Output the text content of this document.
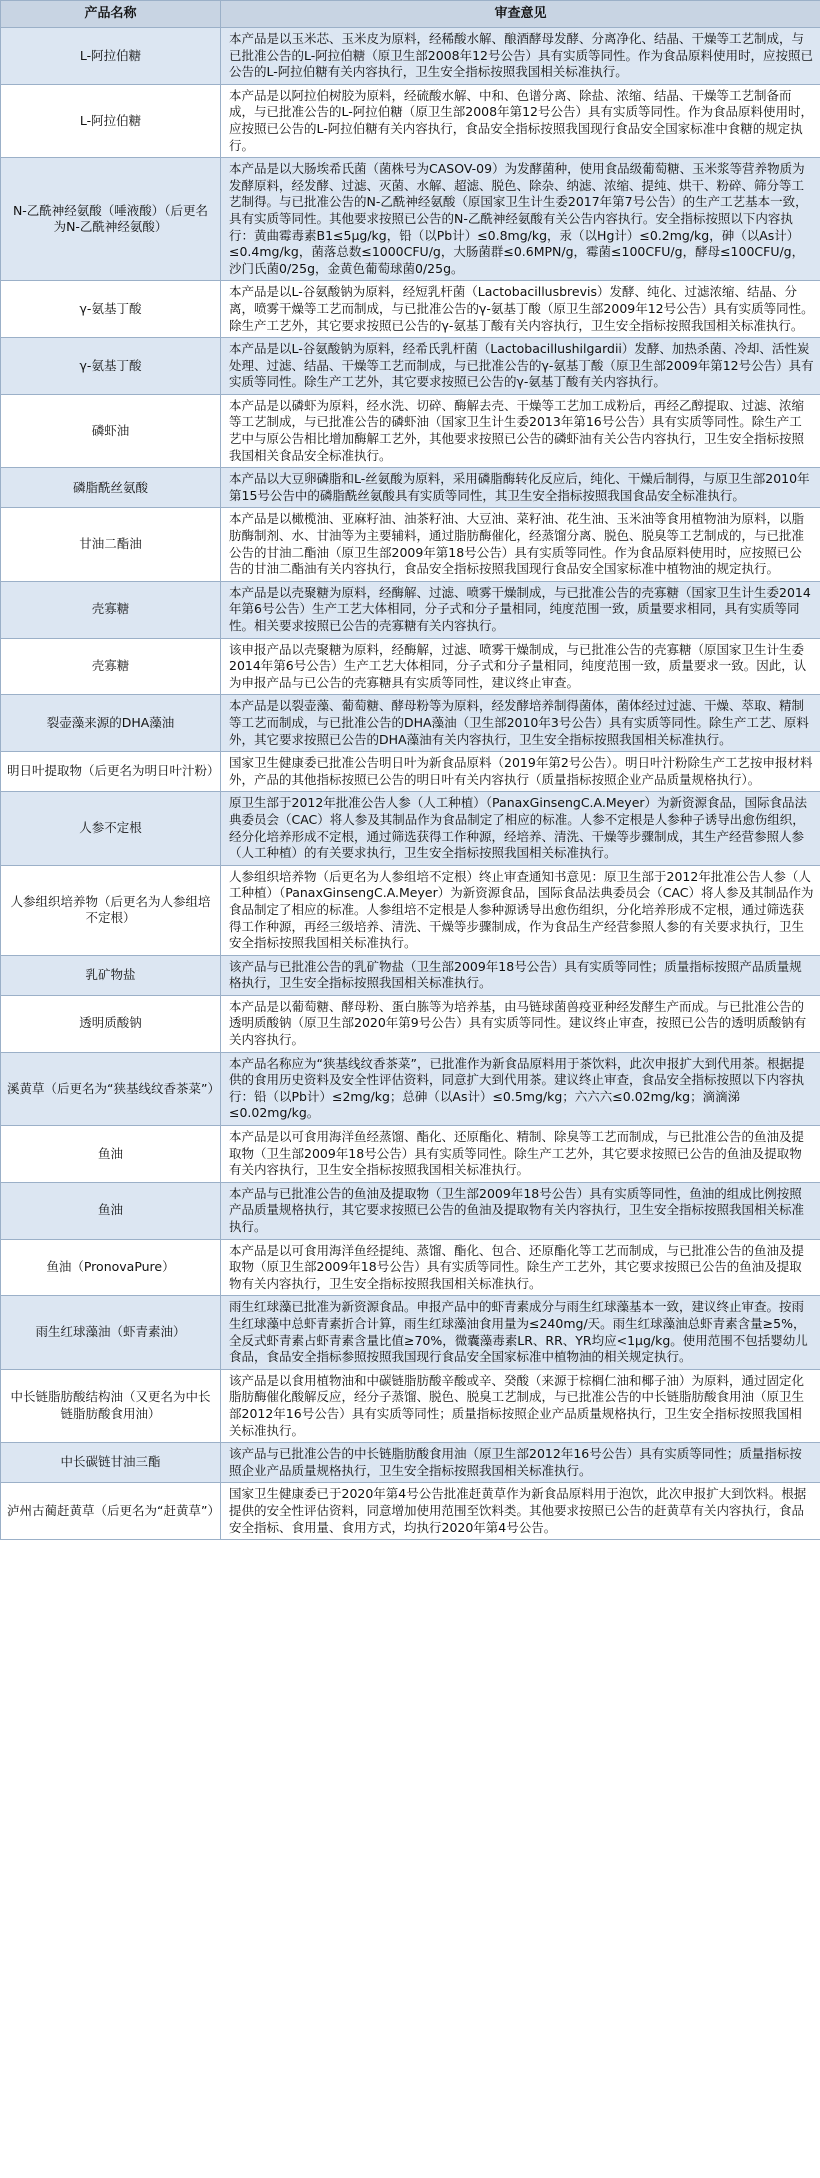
产品名称	审查意见
L-阿拉伯糖	本产品是以玉米芯、玉米皮为原料，经稀酸水解、酿酒酵母发酵、分离净化、结晶、干燥等工艺制成，与已批准公告的L-阿拉伯糖（原卫生部2008年12号公告）具有实质等同性。作为食品原料使用时，应按照已公告的L-阿拉伯糖有关内容执行，卫生安全指标按照我国相关标准执行。
L-阿拉伯糖	本产品是以阿拉伯树胶为原料，经硫酸水解、中和、色谱分离、除盐、浓缩、结晶、干燥等工艺制备而成，与已批准公告的L-阿拉伯糖（原卫生部2008年第12号公告）具有实质等同性。作为食品原料使用时，应按照已公告的L-阿拉伯糖有关内容执行，食品安全指标按照我国现行食品安全国家标准中食糖的规定执行。
N-乙酰神经氨酸（唾液酸）（后更名为N-乙酰神经氨酸）	本产品是以大肠埃希氏菌（菌株号为CASOV-09）为发酵菌种，使用食品级葡萄糖、玉米浆等营养物质为发酵原料，经发酵、过滤、灭菌、水解、超滤、脱色、除杂、纳滤、浓缩、提纯、烘干、粉碎、筛分等工艺制得。与已批准公告的N-乙酰神经氨酸（原国家卫生计生委2017年第7号公告）的生产工艺基本一致，具有实质等同性。其他要求按照已公告的N-乙酰神经氨酸有关公告内容执行。安全指标按照以下内容执行：黄曲霉毒素B1≤5μg/kg，铅（以Pb计）≤0.8mg/kg，汞（以Hg计）≤0.2mg/kg，砷（以As计）≤0.4mg/kg，菌落总数≤1000CFU/g，大肠菌群≤0.6MPN/g，霉菌≤100CFU/g，酵母≤100CFU/g，沙门氏菌0/25g，金黄色葡萄球菌0/25g。
γ-氨基丁酸	本产品是以L-谷氨酸钠为原料，经短乳杆菌（Lactobacillusbrevis）发酵、纯化、过滤浓缩、结晶、分离，喷雾干燥等工艺而制成，与已批准公告的γ-氨基丁酸（原卫生部2009年12号公告）具有实质等同性。除生产工艺外，其它要求按照已公告的γ-氨基丁酸有关内容执行，卫生安全指标按照我国相关标准执行。
γ-氨基丁酸	本产品是以L-谷氨酸钠为原料，经希氏乳杆菌（Lactobacillushilgardii）发酵、加热杀菌、冷却、活性炭处理、过滤、结晶、干燥等工艺而制成，与已批准公告的γ-氨基丁酸（原卫生部2009年第12号公告）具有实质等同性。除生产工艺外，其它要求按照已公告的γ-氨基丁酸有关内容执行。
磷虾油	本产品是以磷虾为原料，经水洗、切碎、酶解去壳、干燥等工艺加工成粉后，再经乙醇提取、过滤、浓缩等工艺制成，与已批准公告的磷虾油（国家卫生计生委2013年第16号公告）具有实质等同性。除生产工艺中与原公告相比增加酶解工艺外，其他要求按照已公告的磷虾油有关公告内容执行，卫生安全指标按照我国相关食品安全标准执行。
磷脂酰丝氨酸	本产品以大豆卵磷脂和L-丝氨酸为原料，采用磷脂酶转化反应后，纯化、干燥后制得，与原卫生部2010年第15号公告中的磷脂酰丝氨酸具有实质等同性，其卫生安全指标按照我国食品安全标准执行。
甘油二酯油	本产品是以橄榄油、亚麻籽油、油茶籽油、大豆油、菜籽油、花生油、玉米油等食用植物油为原料，以脂肪酶制剂、水、甘油等为主要辅料，通过脂肪酶催化，经蒸馏分离、脱色、脱臭等工艺制成的，与已批准公告的甘油二酯油（原卫生部2009年第18号公告）具有实质等同性。作为食品原料使用时，应按照已公告的甘油二酯油有关内容执行，食品安全指标按照我国现行食品安全国家标准中植物油的规定执行。
壳寡糖	本产品是以壳聚糖为原料，经酶解、过滤、喷雾干燥制成，与已批准公告的壳寡糖（国家卫生计生委2014年第6号公告）生产工艺大体相同，分子式和分子量相同，纯度范围一致，质量要求相同，具有实质等同性。相关要求按照已公告的壳寡糖有关内容执行。
壳寡糖	该申报产品以壳聚糖为原料，经酶解，过滤、喷雾干燥制成，与已批准公告的壳寡糖（原国家卫生计生委2014年第6号公告）生产工艺大体相同，分子式和分子量相同，纯度范围一致，质量要求一致。因此，认为申报产品与已公告的壳寡糖具有实质等同性，建议终止审查。
裂壶藻来源的DHA藻油	本产品是以裂壶藻、葡萄糖、酵母粉等为原料，经发酵培养制得菌体，菌体经过过滤、干燥、萃取、精制等工艺而制成，与已批准公告的DHA藻油（卫生部2010年3号公告）具有实质等同性。除生产工艺、原料外，其它要求按照已公告的DHA藻油有关内容执行，卫生安全指标按照我国相关标准执行。
明日叶提取物（后更名为明日叶汁粉）	国家卫生健康委已批准公告明日叶为新食品原料（2019年第2号公告）。明日叶汁粉除生产工艺按申报材料外，产品的其他指标按照已公告的明日叶有关内容执行（质量指标按照企业产品质量规格执行）。
人参不定根	原卫生部于2012年批准公告人参（人工种植）（PanaxGinsengC.A.Meyer）为新资源食品，国际食品法典委员会（CAC）将人参及其制品作为食品制定了相应的标准。人参不定根是人参种子诱导出愈伤组织，经分化培养形成不定根，通过筛选获得工作种源，经培养、清洗、干燥等步骤制成，其生产经营参照人参（人工种植）的有关要求执行，卫生安全指标按照我国相关标准执行。
人参组织培养物（后更名为人参组培不定根）	人参组织培养物（后更名为人参组培不定根）终止审查通知书意见：原卫生部于2012年批准公告人参（人工种植）（PanaxGinsengC.A.Meyer）为新资源食品，国际食品法典委员会（CAC）将人参及其制品作为食品制定了相应的标准。人参组培不定根是人参种源诱导出愈伤组织，分化培养形成不定根，通过筛选获得工作种源，再经三级培养、清洗、干燥等步骤制成，作为食品生产经营参照人参的有关要求执行，卫生安全指标按照我国相关标准执行。
乳矿物盐	该产品与已批准公告的乳矿物盐（卫生部2009年18号公告）具有实质等同性；质量指标按照产品质量规格执行，卫生安全指标按照我国相关标准执行。
透明质酸钠	本产品是以葡萄糖、酵母粉、蛋白胨等为培养基，由马链球菌兽疫亚种经发酵生产而成。与已批准公告的透明质酸钠（原卫生部2020年第9号公告）具有实质等同性。建议终止审查，按照已公告的透明质酸钠有关内容执行。
溪黄草（后更名为“狭基线纹香茶菜”）	本产品名称应为“狭基线纹香茶菜”，已批准作为新食品原料用于茶饮料，此次申报扩大到代用茶。根据提供的食用历史资料及安全性评估资料，同意扩大到代用茶。建议终止审查，食品安全指标按照以下内容执行：铅（以Pb计）≤2mg/kg；总砷（以As计）≤0.5mg/kg；六六六≤0.02mg/kg；滴滴涕≤0.02mg/kg。
鱼油	本产品是以可食用海洋鱼经蒸馏、酯化、还原酯化、精制、除臭等工艺而制成，与已批准公告的鱼油及提取物（卫生部2009年18号公告）具有实质等同性。除生产工艺外，其它要求按照已公告的鱼油及提取物有关内容执行，卫生安全指标按照我国相关标准执行。
鱼油	本产品与已批准公告的鱼油及提取物（卫生部2009年18号公告）具有实质等同性，鱼油的组成比例按照产品质量规格执行，其它要求按照已公告的鱼油及提取物有关内容执行，卫生安全指标按照我国相关标准执行。
鱼油（PronovaPure）	本产品是以可食用海洋鱼经提纯、蒸馏、酯化、包合、还原酯化等工艺而制成，与已批准公告的鱼油及提取物（原卫生部2009年18号公告）具有实质等同性。除生产工艺外，其它要求按照已公告的鱼油及提取物有关内容执行，卫生安全指标按照我国相关标准执行。
雨生红球藻油（虾青素油）	雨生红球藻已批准为新资源食品。申报产品中的虾青素成分与雨生红球藻基本一致，建议终止审查。按雨生红球藻中总虾青素折合计算，雨生红球藻油食用量为≤240mg/天。雨生红球藻油总虾青素含量≥5%，全反式虾青素占虾青素含量比值≥70%，微囊藻毒素LR、RR、YR均应<1μg/kg。使用范围不包括婴幼儿食品，食品安全指标参照按照我国现行食品安全国家标准中植物油的相关规定执行。
中长链脂肪酸结构油（又更名为中长链脂肪酸食用油）	该产品是以食用植物油和中碳链脂肪酸辛酸或辛、癸酸（来源于棕榈仁油和椰子油）为原料，通过固定化脂肪酶催化酸解反应，经分子蒸馏、脱色、脱臭工艺制成，与已批准公告的中长链脂肪酸食用油（原卫生部2012年16号公告）具有实质等同性；质量指标按照企业产品质量规格执行，卫生安全指标按照我国相关标准执行。
中长碳链甘油三酯	该产品与已批准公告的中长链脂肪酸食用油（原卫生部2012年16号公告）具有实质等同性；质量指标按照企业产品质量规格执行，卫生安全指标按照我国相关标准执行。
泸州古蔺赶黄草（后更名为“赶黄草”）	国家卫生健康委已于2020年第4号公告批准赶黄草作为新食品原料用于泡饮，此次申报扩大到饮料。根据提供的安全性评估资料，同意增加使用范围至饮料类。其他要求按照已公告的赶黄草有关内容执行，食品安全指标、食用量、食用方式，均执行2020年第4号公告。
